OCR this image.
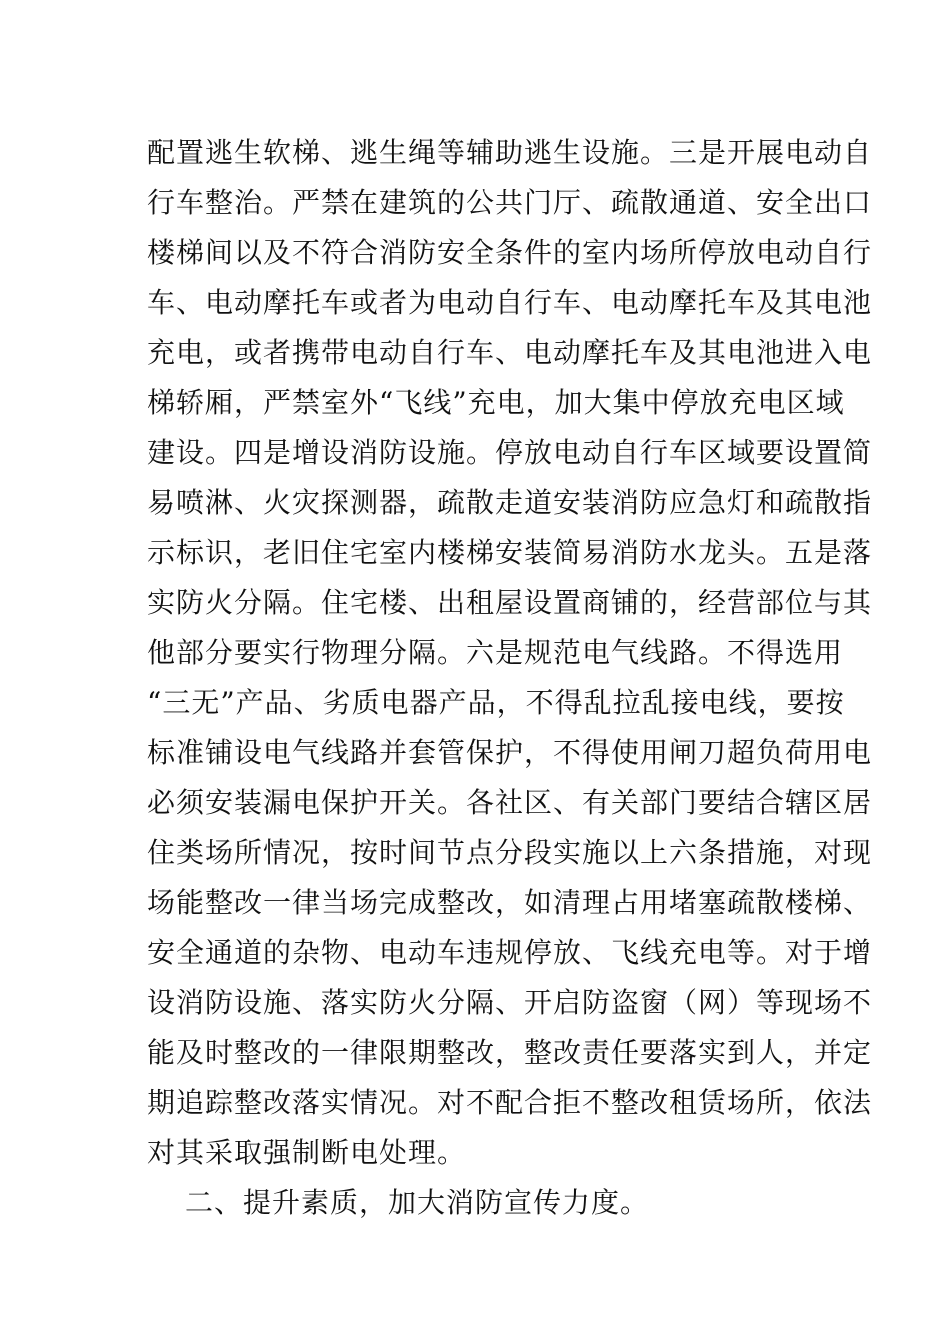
配置逃生软梯、逃生绳等辅助逃生设施。三是开展电动自
行车整治。严禁在建筑的公共门厅、疏散通道、安全出口
楼梯间以及不符合消防安全条件的室内场所停放电动自行
车、电动摩托车或者为电动自行车、电动摩托车及其电池
充电，或者携带电动自行车、电动摩托车及其电池进入电
梯轿厢，严禁室外“飞线”充电，加大集中停放充电区域
建设。四是增设消防设施。停放电动自行车区域要设置简
易喷淋、火灾探测器，疏散走道安装消防应急灯和疏散指
示标识，老旧住宅室内楼梯安装简易消防水龙头。五是落
实防火分隔。住宅楼、出租屋设置商铺的，经营部位与其
他部分要实行物理分隔。六是规范电气线路。不得选用
“三无”产品、劣质电器产品，不得乱拉乱接电线，要按
标准铺设电气线路并套管保护，不得使用闸刀超负荷用电
必须安装漏电保护开关。各社区、有关部门要结合辖区居
住类场所情况，按时间节点分段实施以上六条措施，对现
场能整改一律当场完成整改，如清理占用堵塞疏散楼梯、
安全通道的杂物、电动车违规停放、飞线充电等。对于增
设消防设施、落实防火分隔、开启防盗窗（网）等现场不
能及时整改的一律限期整改，整改责任要落实到人，并定
期追踪整改落实情况。对不配合拒不整改租赁场所，依法
对其采取强制断电处理。
二、提升素质，加大消防宣传力度。
